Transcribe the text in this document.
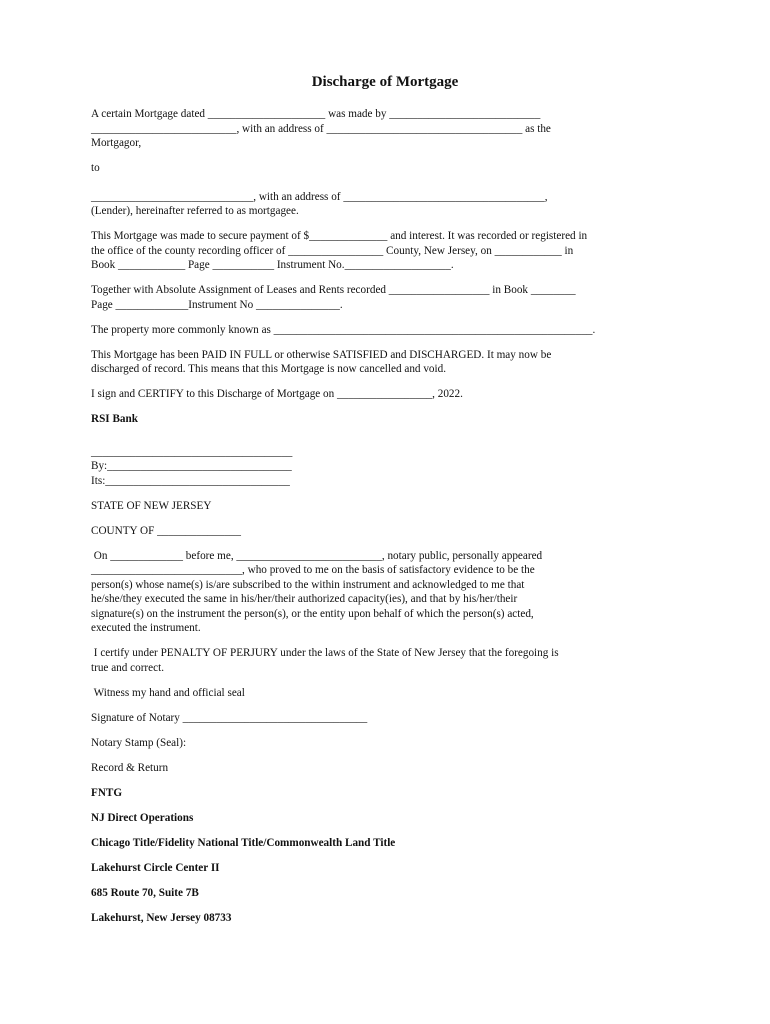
Discharge of Mortgage

A certain Mortgage dated _____________________ was made by ___________________________
__________________________, with an address of ___________________________________ as the
Mortgagor,

to

_____________________________, with an address of ____________________________________,
(Lender), hereinafter referred to as mortgagee.

This Mortgage was made to secure payment of $______________ and interest. It was recorded or registered in
the office of the county recording officer of _________________ County, New Jersey, on ____________ in
Book ____________ Page ___________ Instrument No.___________________.

Together with Absolute Assignment of Leases and Rents recorded __________________ in Book ________
Page _____________Instrument No _______________.

The property more commonly known as _________________________________________________________.

This Mortgage has been PAID IN FULL or otherwise SATISFIED and DISCHARGED. It may now be
discharged of record. This means that this Mortgage is now cancelled and void.

I sign and CERTIFY to this Discharge of Mortgage on _________________, 2022.

RSI Bank

____________________________________
By:_________________________________
Its:_________________________________

STATE OF NEW JERSEY

COUNTY OF _______________

On _____________ before me, __________________________, notary public, personally appeared
___________________________, who proved to me on the basis of satisfactory evidence to be the
person(s) whose name(s) is/are subscribed to the within instrument and acknowledged to me that
he/she/they executed the same in his/her/their authorized capacity(ies), and that by his/her/their
signature(s) on the instrument the person(s), or the entity upon behalf of which the person(s) acted,
executed the instrument.

I certify under PENALTY OF PERJURY under the laws of the State of New Jersey that the foregoing is
true and correct.

Witness my hand and official seal

Signature of Notary _________________________________

Notary Stamp (Seal):

Record & Return

FNTG

NJ Direct Operations

Chicago Title/Fidelity National Title/Commonwealth Land Title

Lakehurst Circle Center II

685 Route 70, Suite 7B

Lakehurst, New Jersey 08733
